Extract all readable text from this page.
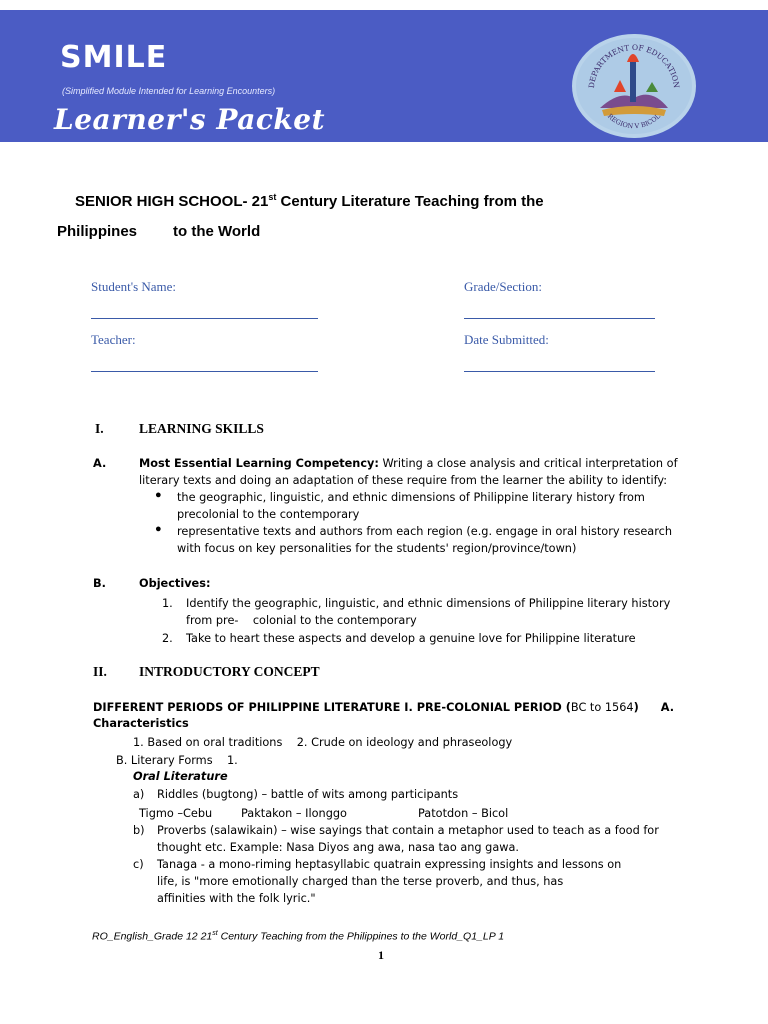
SMILE
(Simplified Module Intended for Learning Encounters)
Learner's Packet
DEPARTMENT OF EDUCATION
REGION V BICOL
SENIOR HIGH SCHOOL- 21st Century Literature Teaching from the
Philippines to the World
Student's Name:	Grade/Section:
Teacher:	Date Submitted:
I.	LEARNING SKILLS
A.	Most Essential Learning Competency: Writing a close analysis and critical interpretation of
literary texts and doing an adaptation of these require from the learner the ability to identify:
● the geographic, linguistic, and ethnic dimensions of Philippine literary history from
precolonial to the contemporary
● representative texts and authors from each region (e.g. engage in oral history research
with focus on key personalities for the students' region/province/town)
B.	Objectives:
1. Identify the geographic, linguistic, and ethnic dimensions of Philippine literary history
from pre-    colonial to the contemporary
2. Take to heart these aspects and develop a genuine love for Philippine literature
II. INTRODUCTORY CONCEPT
DIFFERENT PERIODS OF PHILIPPINE LITERATURE I. PRE-COLONIAL PERIOD (BC to 1564) A.
Characteristics
1. Based on oral traditions    2. Crude on ideology and phraseology
B. Literary Forms    1.
Oral Literature
a) Riddles (bugtong) – battle of wits among participants
Tigmo –Cebu	Paktakon – Ilonggo	Patotdon – Bicol
b) Proverbs (salawikain) – wise sayings that contain a metaphor used to teach as a food for
thought etc. Example: Nasa Diyos ang awa, nasa tao ang gawa.
c) Tanaga - a mono-riming heptasyllabic quatrain expressing insights and lessons on
life, is "more emotionally charged than the terse proverb, and thus, has
affinities with the folk lyric."
RO_English_Grade 12 21st Century Teaching from the Philippines to the World_Q1_LP 1
1
